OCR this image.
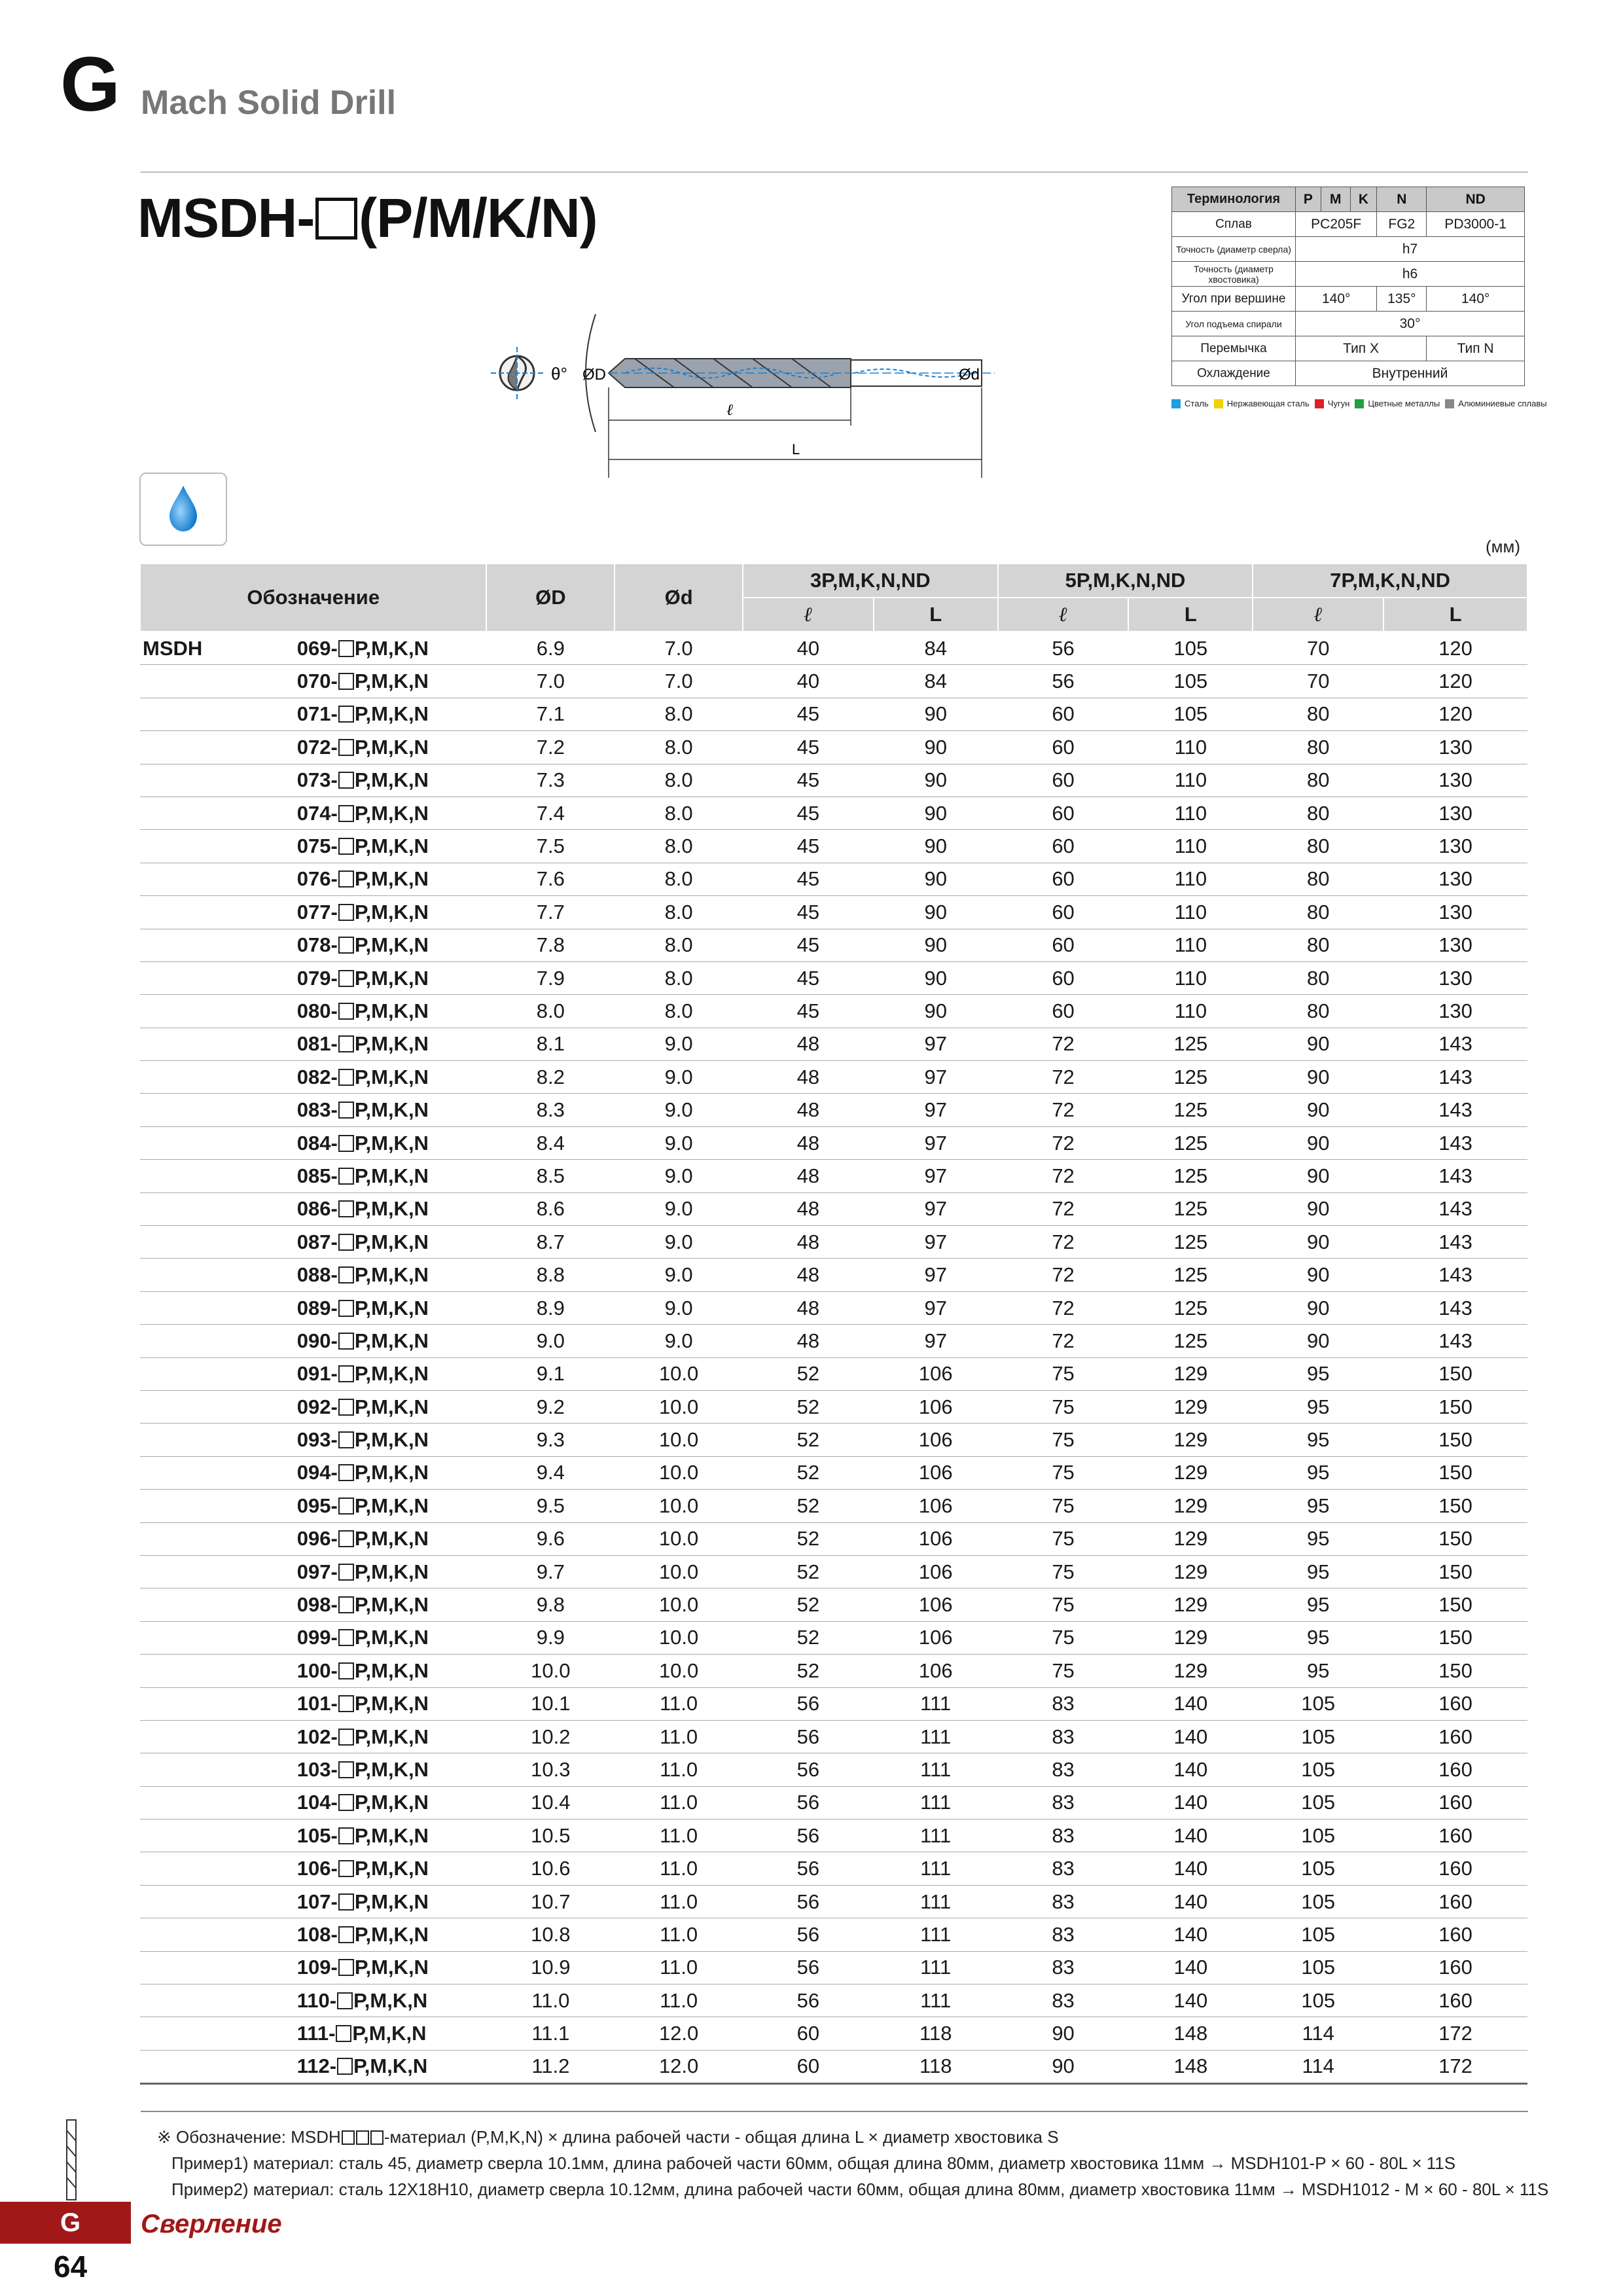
G Mach Solid Drill
MSDH- (P/M/K/N)	Терминология	P	M	K	N	ND
Сплав	PC205F			FG2	PD3000-1
Точность (диаметр сверла)	h7				
Точность (диаметр хвостовика)	h6				
Угол при вершине	140°			135°	140°
Угол подъема спирали	30°				
Перемычка	Тип X				Тип N
Охлаждение	Внутренний				
Сталь Нержавеющая сталь Чугун Цветные металлы Алюминиевые сплавы
θ° ØD	Ød
ℓ
L
(мм)
Обозначение		ØD	Ød	3P,M,K,N,ND		5P,M,K,N,ND		7P,M,K,N,ND	
				ℓ	L	ℓ	L	ℓ	L
MSDH	069- P,M,K,N	6.9	7.0	40	84	56	105	70	120
	070- P,M,K,N	7.0	7.0	40	84	56	105	70	120
	071- P,M,K,N	7.1	8.0	45	90	60	105	80	120
	072- P,M,K,N	7.2	8.0	45	90	60	110	80	130
	073- P,M,K,N	7.3	8.0	45	90	60	110	80	130
	074- P,M,K,N	7.4	8.0	45	90	60	110	80	130
	075- P,M,K,N	7.5	8.0	45	90	60	110	80	130
	076- P,M,K,N	7.6	8.0	45	90	60	110	80	130
	077- P,M,K,N	7.7	8.0	45	90	60	110	80	130
	078- P,M,K,N	7.8	8.0	45	90	60	110	80	130
	079- P,M,K,N	7.9	8.0	45	90	60	110	80	130
	080- P,M,K,N	8.0	8.0	45	90	60	110	80	130
	081- P,M,K,N	8.1	9.0	48	97	72	125	90	143
	082- P,M,K,N	8.2	9.0	48	97	72	125	90	143
	083- P,M,K,N	8.3	9.0	48	97	72	125	90	143
	084- P,M,K,N	8.4	9.0	48	97	72	125	90	143
	085- P,M,K,N	8.5	9.0	48	97	72	125	90	143
	086- P,M,K,N	8.6	9.0	48	97	72	125	90	143
	087- P,M,K,N	8.7	9.0	48	97	72	125	90	143
	088- P,M,K,N	8.8	9.0	48	97	72	125	90	143
	089- P,M,K,N	8.9	9.0	48	97	72	125	90	143
	090- P,M,K,N	9.0	9.0	48	97	72	125	90	143
	091- P,M,K,N	9.1	10.0	52	106	75	129	95	150
	092- P,M,K,N	9.2	10.0	52	106	75	129	95	150
	093- P,M,K,N	9.3	10.0	52	106	75	129	95	150
	094- P,M,K,N	9.4	10.0	52	106	75	129	95	150
	095- P,M,K,N	9.5	10.0	52	106	75	129	95	150
	096- P,M,K,N	9.6	10.0	52	106	75	129	95	150
	097- P,M,K,N	9.7	10.0	52	106	75	129	95	150
	098- P,M,K,N	9.8	10.0	52	106	75	129	95	150
	099- P,M,K,N	9.9	10.0	52	106	75	129	95	150
	100- P,M,K,N	10.0	10.0	52	106	75	129	95	150
	101- P,M,K,N	10.1	11.0	56	111	83	140	105	160
	102- P,M,K,N	10.2	11.0	56	111	83	140	105	160
	103- P,M,K,N	10.3	11.0	56	111	83	140	105	160
	104- P,M,K,N	10.4	11.0	56	111	83	140	105	160
	105- P,M,K,N	10.5	11.0	56	111	83	140	105	160
	106- P,M,K,N	10.6	11.0	56	111	83	140	105	160
	107- P,M,K,N	10.7	11.0	56	111	83	140	105	160
	108- P,M,K,N	10.8	11.0	56	111	83	140	105	160
	109- P,M,K,N	10.9	11.0	56	111	83	140	105	160
	110- P,M,K,N	11.0	11.0	56	111	83	140	105	160
	111- P,M,K,N	11.1	12.0	60	118	90	148	114	172
	112- P,M,K,N	11.2	12.0	60	118	90	148	114	172
※ Обозначение: MSDH	-материал (P,M,K,N) × длина рабочей части - общая длина L × диаметр хвостовика S
Пример1) материал: сталь 45, диаметр сверла 10.1мм, длина рабочей части 60мм, общая длина 80мм, диаметр хвостовика 11мм → MSDH101-P × 60 - 80L × 11S
Пример2) материал: сталь 12X18H10, диаметр сверла 10.12мм, длина рабочей части 60мм, общая длина 80мм, диаметр хвостовика 11мм → MSDH1012 - M × 60 - 80L × 11S
G Сверление
64
